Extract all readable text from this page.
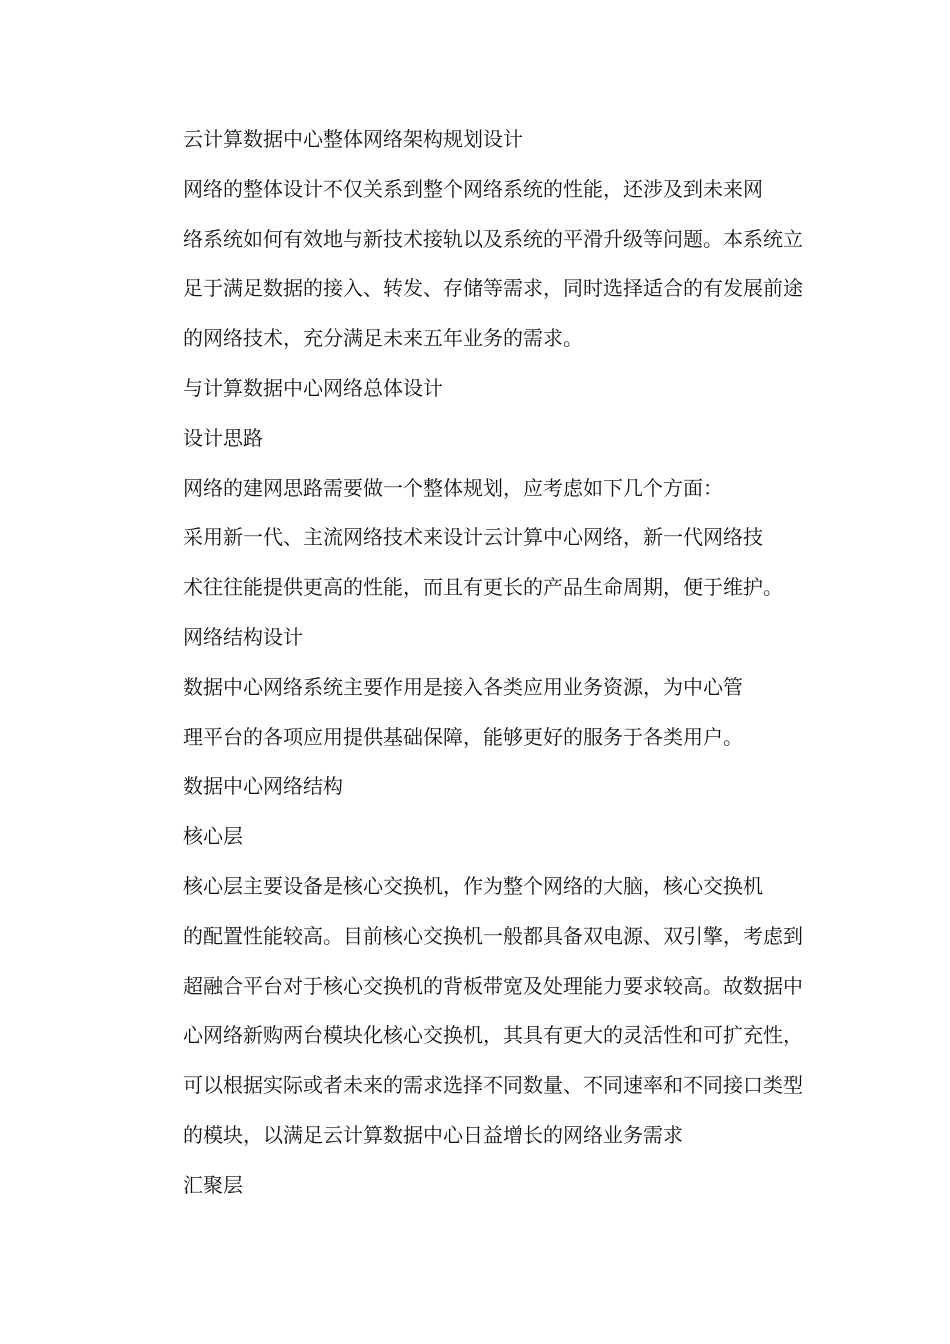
云计算数据中心整体网络架构规划设计

网络的整体设计不仅关系到整个网络系统的性能，还涉及到未来网
络系统如何有效地与新技术接轨以及系统的平滑升级等问题。本系统立
足于满足数据的接入、转发、存储等需求，同时选择适合的有发展前途
的网络技术，充分满足未来五年业务的需求。

与计算数据中心网络总体设计

设计思路

网络的建网思路需要做一个整体规划，应考虑如下几个方面：

采用新一代、主流网络技术来设计云计算中心网络，新一代网络技
术往往能提供更高的性能，而且有更长的产品生命周期，便于维护。

网络结构设计

数据中心网络系统主要作用是接入各类应用业务资源，为中心管
理平台的各项应用提供基础保障，能够更好的服务于各类用户。

数据中心网络结构

核心层

核心层主要设备是核心交换机，作为整个网络的大脑，核心交换机
的配置性能较高。目前核心交换机一般都具备双电源、双引擎，考虑到
超融合平台对于核心交换机的背板带宽及处理能力要求较高。故数据中
心网络新购两台模块化核心交换机，其具有更大的灵活性和可扩充性，
可以根据实际或者未来的需求选择不同数量、不同速率和不同接口类型
的模块，以满足云计算数据中心日益增长的网络业务需求

汇聚层
